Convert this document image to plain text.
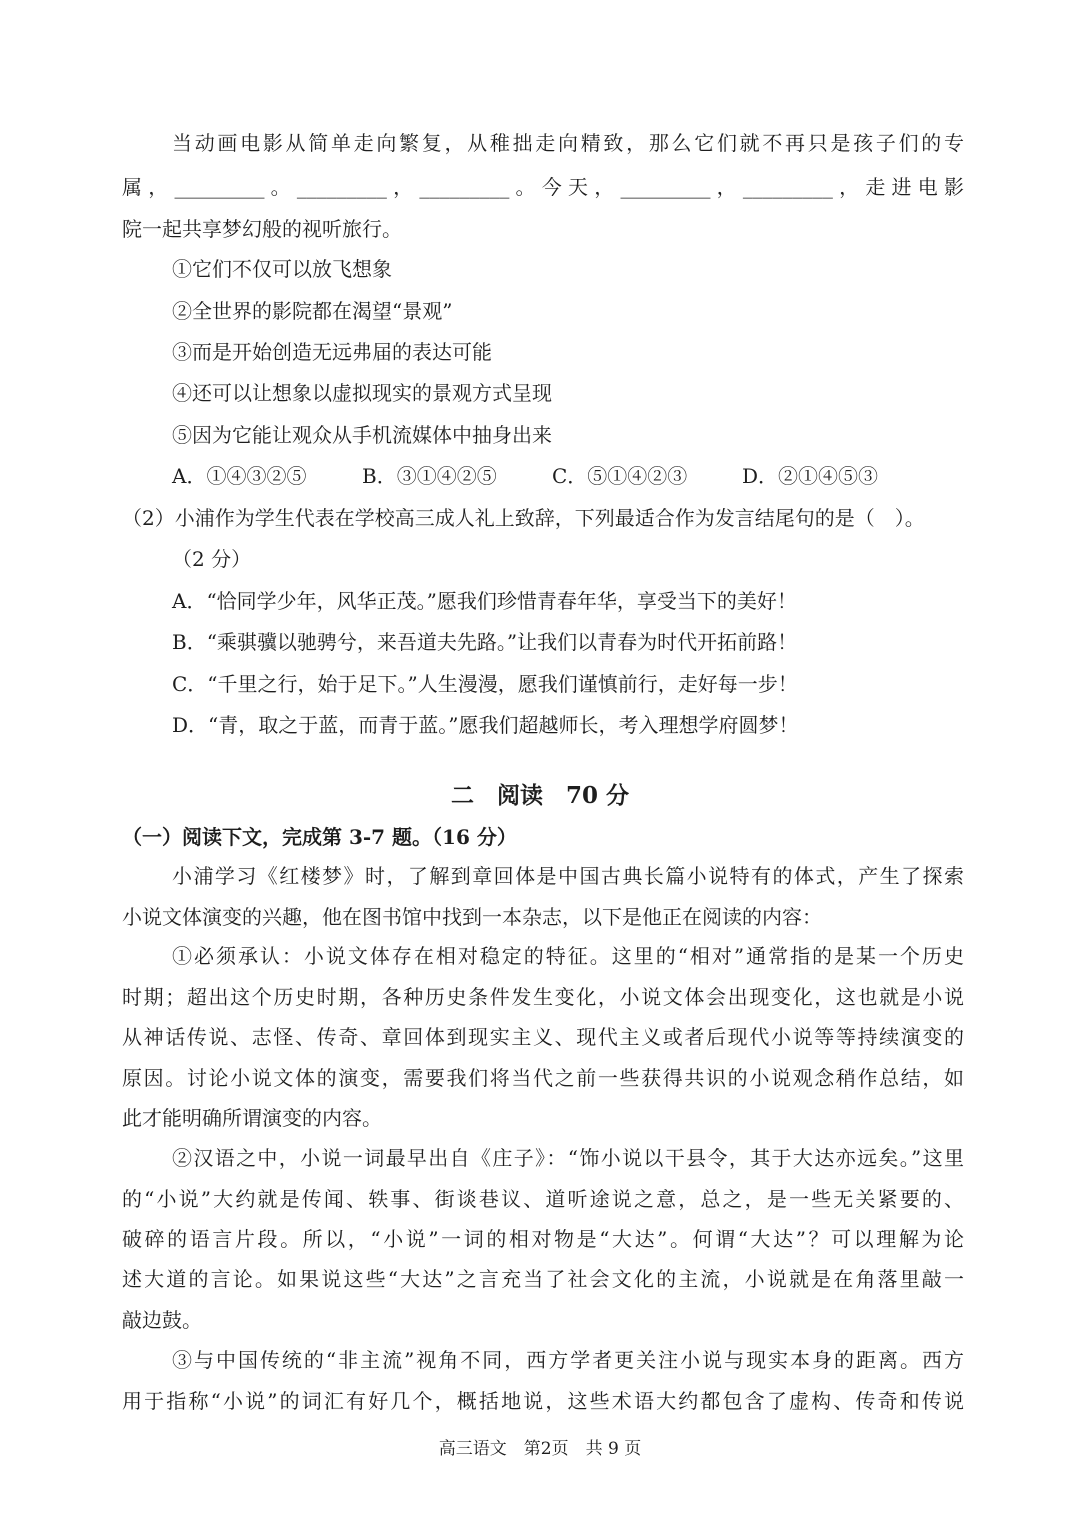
当动画电影从简单走向繁复，从稚拙走向精致，那么它们就不再只是孩子们的专
属，_________。_________，_________。今天，_________，_________，走进电影
院一起共享梦幻般的视听旅行。
①它们不仅可以放飞想象
②全世界的影院都在渴望“景观”
③而是开始创造无远弗届的表达可能
④还可以让想象以虚拟现实的景观方式呈现
⑤因为它能让观众从手机流媒体中抽身出来
A．①④③②⑤	B．③①④②⑤	C．⑤①④②③	D．②①④⑤③
（2）小浦作为学生代表在学校高三成人礼上致辞，下列最适合作为发言结尾句的是（　）。
（2 分）
A．“恰同学少年，风华正茂。”愿我们珍惜青春年华，享受当下的美好！
B．“乘骐骥以驰骋兮，来吾道夫先路。”让我们以青春为时代开拓前路！
C．“千里之行，始于足下。”人生漫漫，愿我们谨慎前行，走好每一步！
D．“青，取之于蓝，而青于蓝。”愿我们超越师长，考入理想学府圆梦！
二　阅读　70 分
（一）阅读下文，完成第 3-7 题。（16 分）
小浦学习《红楼梦》时，了解到章回体是中国古典长篇小说特有的体式，产生了探索
小说文体演变的兴趣，他在图书馆中找到一本杂志，以下是他正在阅读的内容：
①必须承认：小说文体存在相对稳定的特征。这里的“相对”通常指的是某一个历史
时期；超出这个历史时期，各种历史条件发生变化，小说文体会出现变化，这也就是小说
从神话传说、志怪、传奇、章回体到现实主义、现代主义或者后现代小说等等持续演变的
原因。讨论小说文体的演变，需要我们将当代之前一些获得共识的小说观念稍作总结，如
此才能明确所谓演变的内容。
②汉语之中，小说一词最早出自《庄子》：“饰小说以干县令，其于大达亦远矣。”这里
的“小说”大约就是传闻、轶事、街谈巷议、道听途说之意，总之，是一些无关紧要的、
破碎的语言片段。所以，“小说”一词的相对物是“大达”。何谓“大达”？可以理解为论
述大道的言论。如果说这些“大达”之言充当了社会文化的主流，小说就是在角落里敲一
敲边鼓。
③与中国传统的“非主流”视角不同，西方学者更关注小说与现实本身的距离。西方
用于指称“小说”的词汇有好几个，概括地说，这些术语大约都包含了虚构、传奇和传说
高三语文　第2页　共 9 页
